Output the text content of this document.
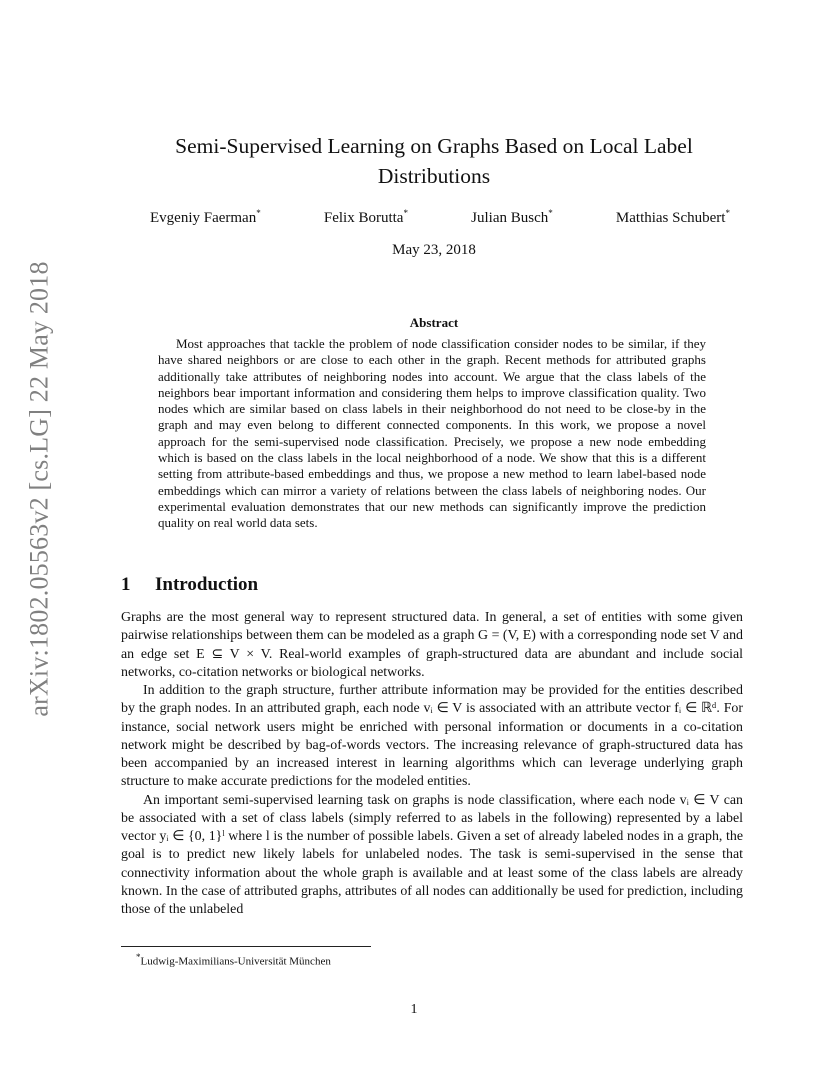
arXiv:1802.05563v2 [cs.LG] 22 May 2018
Semi-Supervised Learning on Graphs Based on Local Label Distributions
Evgeniy Faerman*	Felix Borutta*	Julian Busch*	Matthias Schubert*
May 23, 2018
Abstract

Most approaches that tackle the problem of node classification consider nodes to be similar, if they have shared neighbors or are close to each other in the graph. Recent methods for attributed graphs additionally take attributes of neighboring nodes into account. We argue that the class labels of the neighbors bear important information and considering them helps to improve classification quality. Two nodes which are similar based on class labels in their neighborhood do not need to be close-by in the graph and may even belong to different connected components. In this work, we propose a novel approach for the semi-supervised node classification. Precisely, we propose a new node embedding which is based on the class labels in the local neighborhood of a node. We show that this is a different setting from attribute-based embeddings and thus, we propose a new method to learn label-based node embeddings which can mirror a variety of relations between the class labels of neighboring nodes. Our experimental evaluation demonstrates that our new methods can significantly improve the prediction quality on real world data sets.

1 Introduction

Graphs are the most general way to represent structured data. In general, a set of entities with some given pairwise relationships between them can be modeled as a graph G = (V, E) with a corresponding node set V and an edge set E ⊆ V × V. Real-world examples of graph-structured data are abundant and include social networks, co-citation networks or biological networks.

In addition to the graph structure, further attribute information may be provided for the entities described by the graph nodes. In an attributed graph, each node vᵢ ∈ V is associated with an attribute vector fᵢ ∈ ℝᵈ. For instance, social network users might be enriched with personal information or documents in a co-citation network might be described by bag-of-words vectors. The increasing relevance of graph-structured data has been accompanied by an increased interest in learning algorithms which can leverage underlying graph structure to make accurate predictions for the modeled entities.

An important semi-supervised learning task on graphs is node classification, where each node vᵢ ∈ V can be associated with a set of class labels (simply referred to as labels in the following) represented by a label vector yᵢ ∈ {0, 1}ˡ where l is the number of possible labels. Given a set of already labeled nodes in a graph, the goal is to predict new likely labels for unlabeled nodes. The task is semi-supervised in the sense that connectivity information about the whole graph is available and at least some of the class labels are already known. In the case of attributed graphs, attributes of all nodes can additionally be used for prediction, including those of the unlabeled

*Ludwig-Maximilians-Universität München
1
